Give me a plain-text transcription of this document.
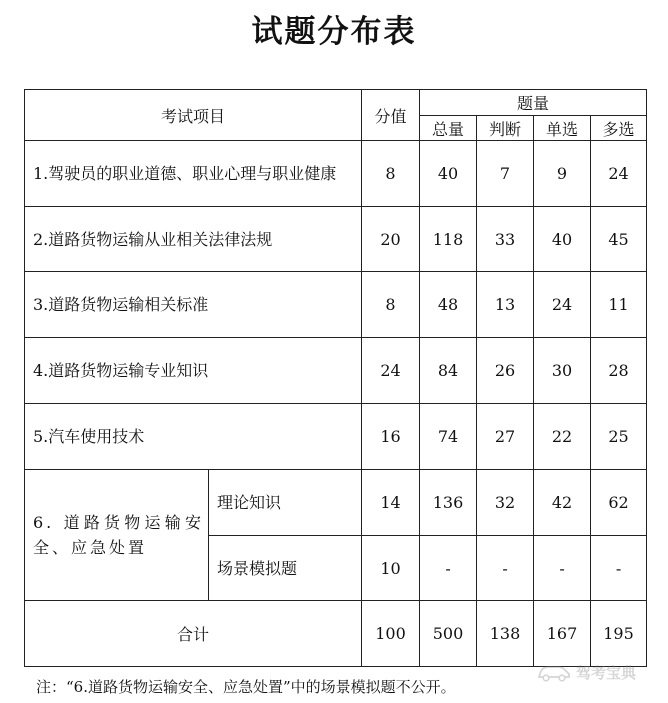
试题分布表
考试项目		分值	题量			
			总量	判断	单选	多选
1.驾驶员的职业道德、职业心理与职业健康		8	40	7	9	24
2.道路货物运输从业相关法律法规		20	118	33	40	45
3.道路货物运输相关标准		8	48	13	24	11
4.道路货物运输专业知识		24	84	26	30	28
5.汽车使用技术		16	74	27	22	25
6. 道路货物运输安全、应急处置	理论知识	14	136	32	42	62
	场景模拟题	10	-	-	-	-
合计		100	500	138	167	195
注：“6.道路货物运输安全、应急处置”中的场景模拟题不公开。
驾考宝典
